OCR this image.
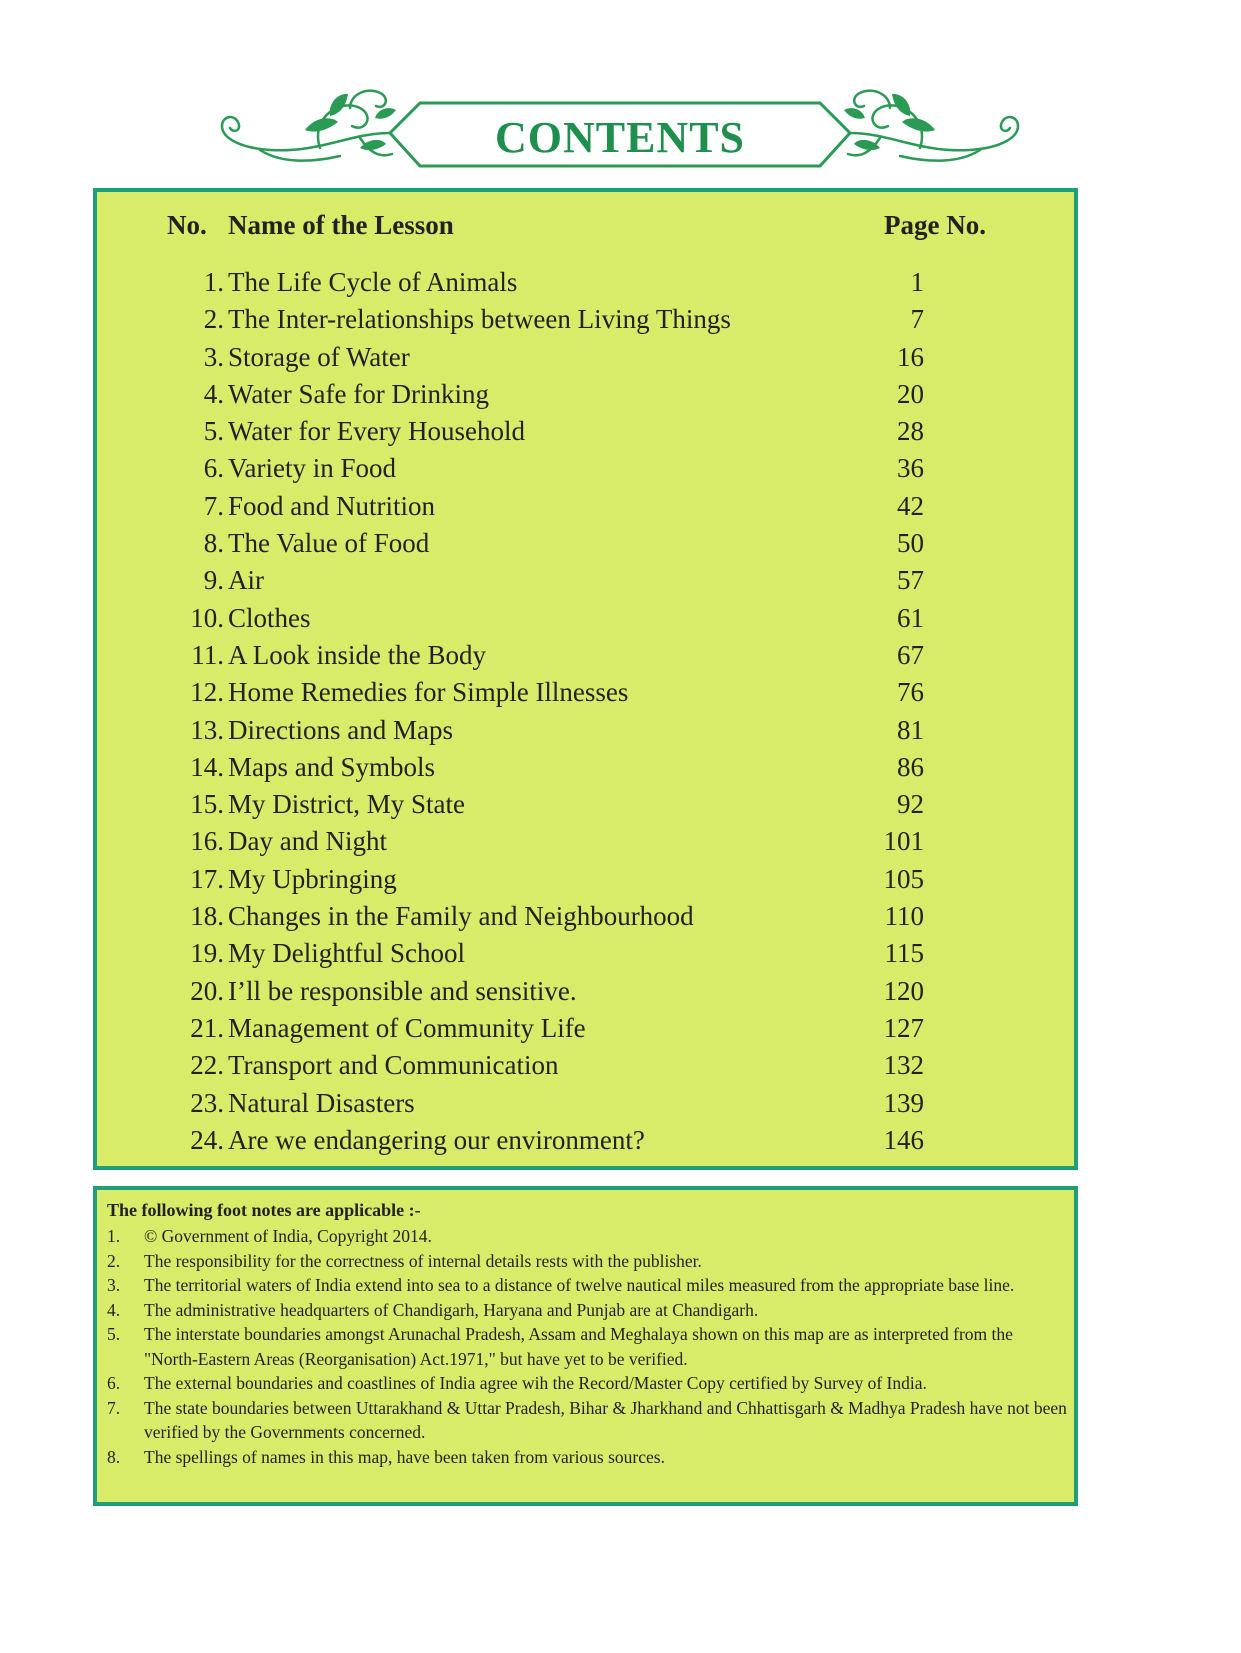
CONTENTS
No. Name of the Lesson	Page No.
1. The Life Cycle of Animals	1
2. The Inter-relationships between Living Things	7
3. Storage of Water	16
4. Water Safe for Drinking	20
5. Water for Every Household	28
6. Variety in Food	36
7. Food and Nutrition	42
8. The Value of Food	50
9. Air	57
10. Clothes	61
11. A Look inside the Body	67
12. Home Remedies for Simple Illnesses	76
13. Directions and Maps	81
14. Maps and Symbols	86
15. My District, My State	92
16. Day and Night	101
17. My Upbringing	105
18. Changes in the Family and Neighbourhood	110
19. My Delightful School	115
20. I’ll be responsible and sensitive.	120
21. Management of Community Life	127
22. Transport and Communication	132
23. Natural Disasters	139
24. Are we endangering our environment?	146
The following foot notes are applicable :-
1. © Government of India, Copyright 2014.
2. The responsibility for the correctness of internal details rests with the publisher.
3. The territorial waters of India extend into sea to a distance of twelve nautical miles measured from the appropriate base line.
4. The administrative headquarters of Chandigarh, Haryana and Punjab are at Chandigarh.
5. The interstate boundaries amongst Arunachal Pradesh, Assam and Meghalaya shown on this map are as interpreted from the "North-Eastern Areas (Reorganisation) Act.1971," but have yet to be verified.
6. The external boundaries and coastlines of India agree wih the Record/Master Copy certified by Survey of India.
7. The state boundaries between Uttarakhand & Uttar Pradesh, Bihar & Jharkhand and Chhattisgarh & Madhya Pradesh have not been verified by the Governments concerned.
8. The spellings of names in this map, have been taken from various sources.
